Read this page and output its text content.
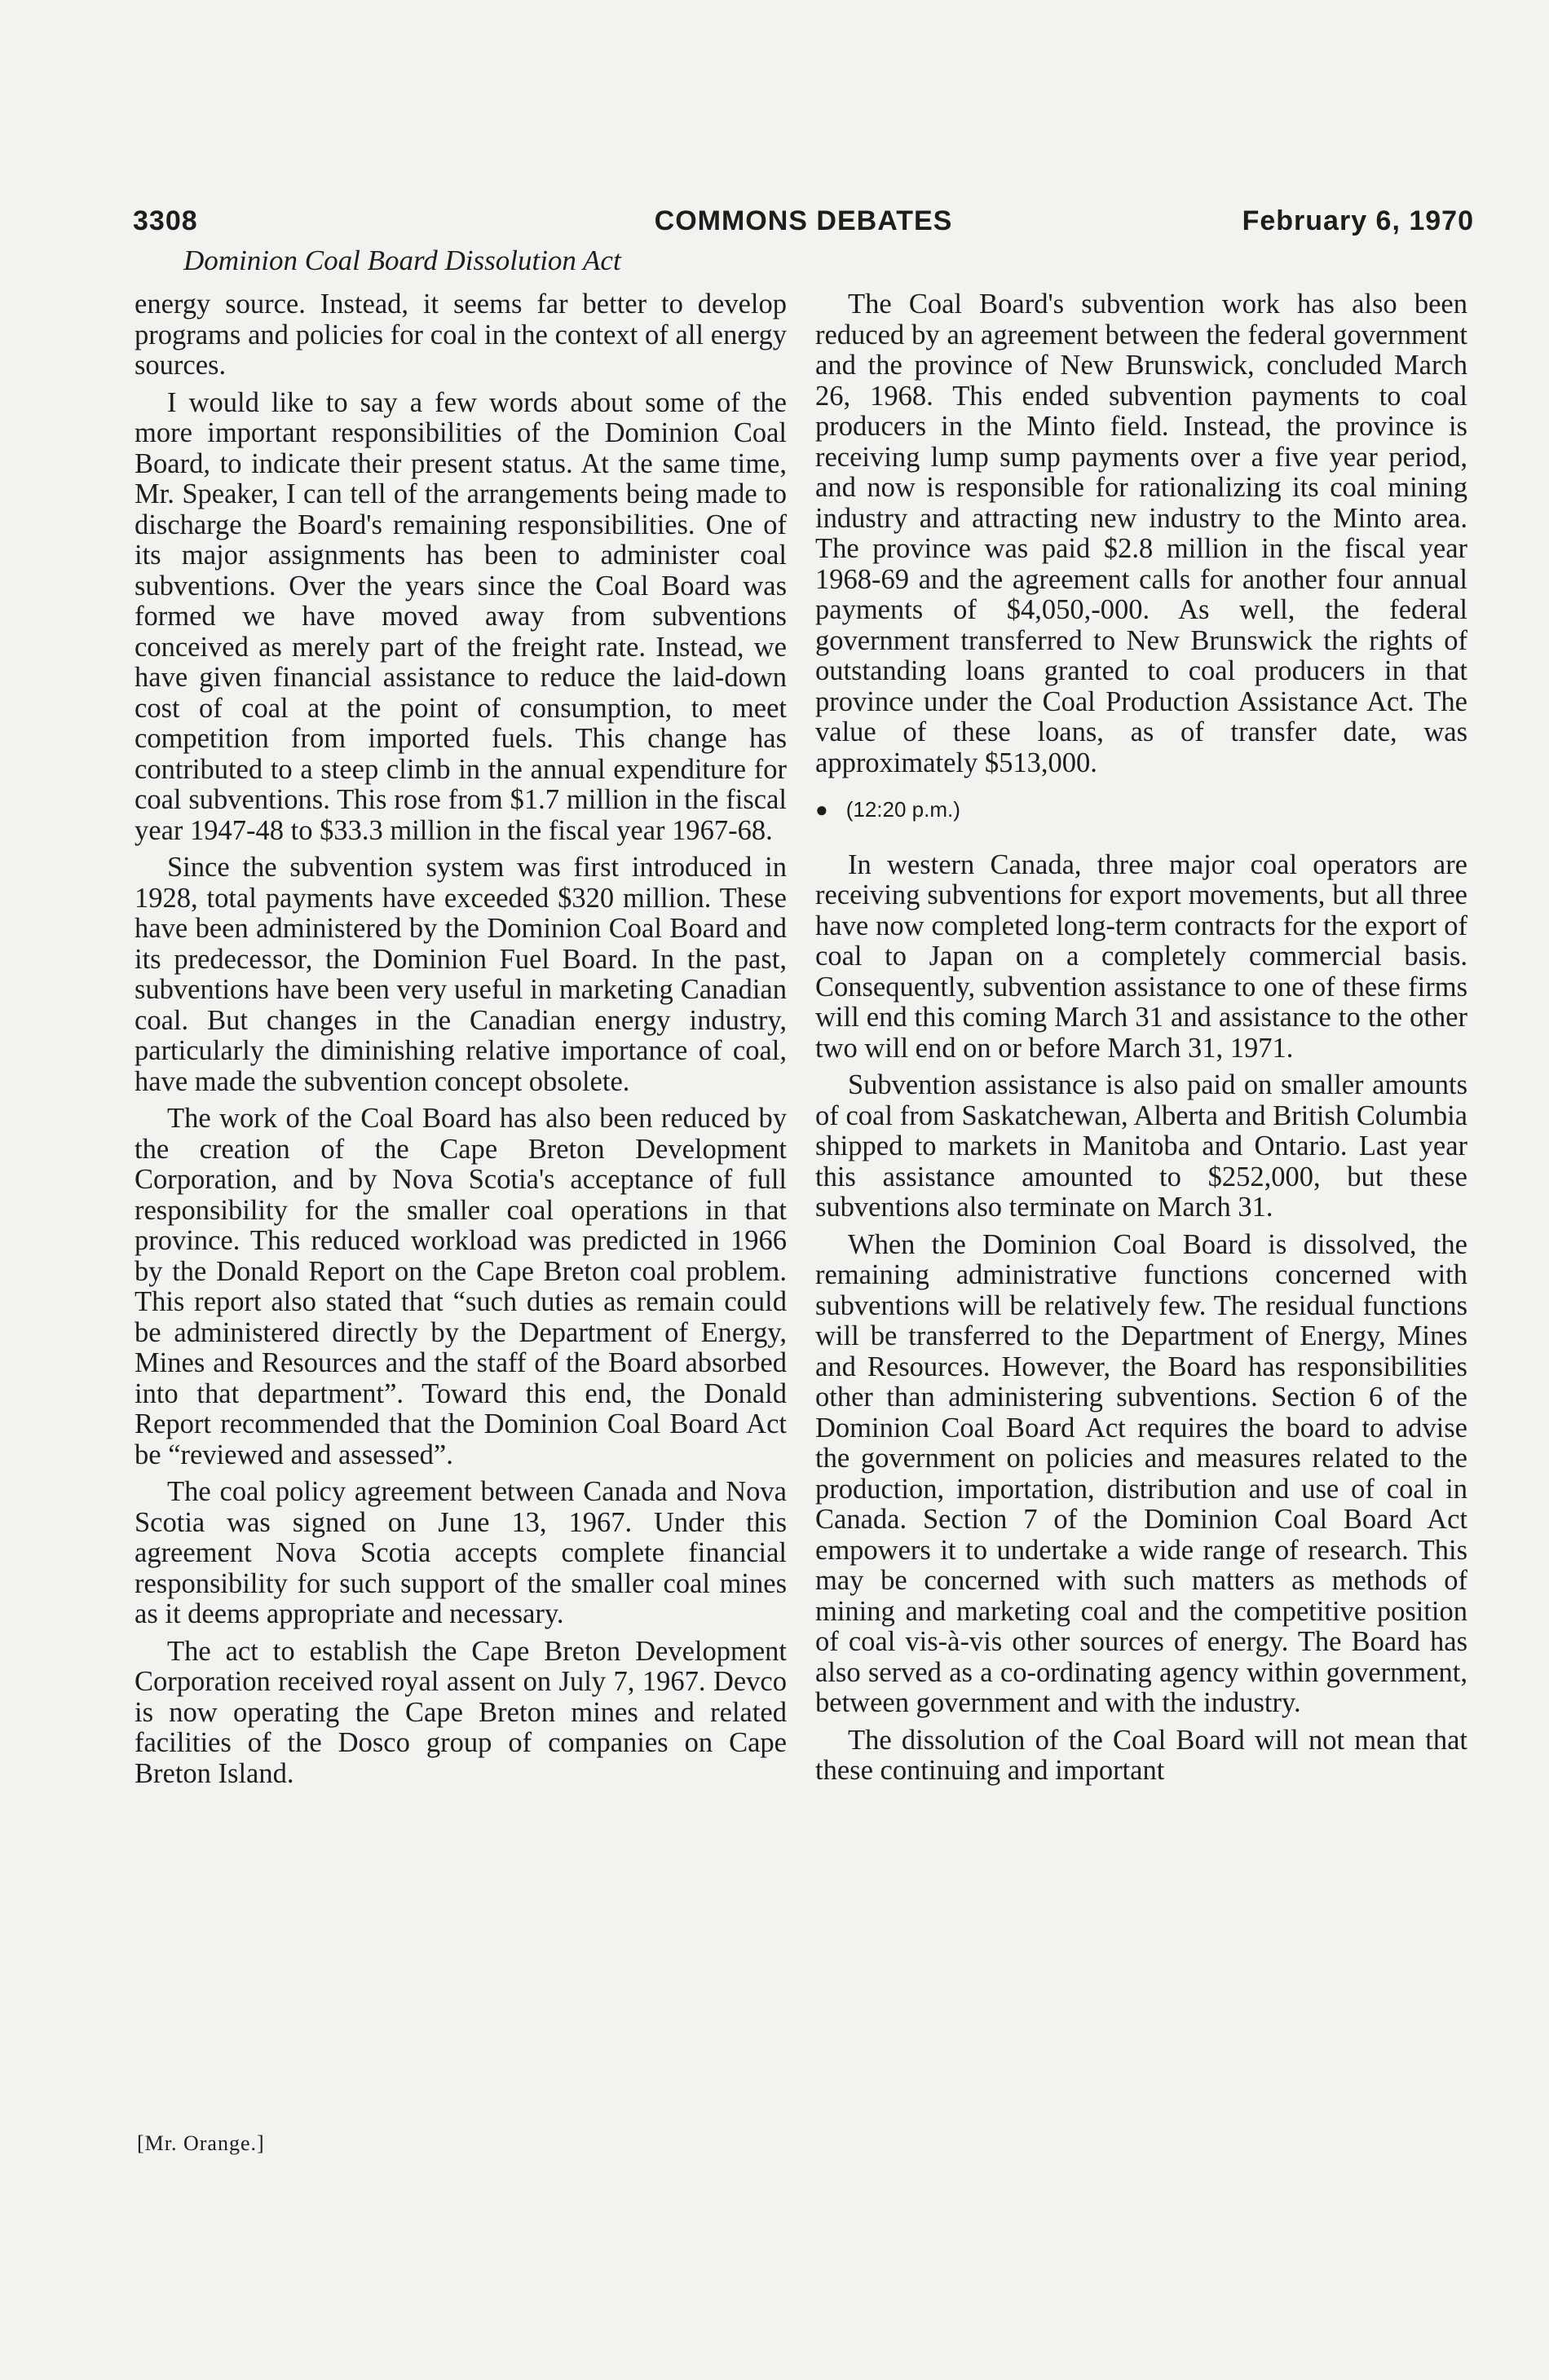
3308	COMMONS DEBATES	February 6, 1970
Dominion Coal Board Dissolution Act

energy source. Instead, it seems far better to develop programs and policies for coal in the context of all energy sources.

I would like to say a few words about some of the more important responsibilities of the Dominion Coal Board, to indicate their present status. At the same time, Mr. Speaker, I can tell of the arrangements being made to discharge the Board's remaining responsibilities. One of its major assignments has been to administer coal subventions. Over the years since the Coal Board was formed we have moved away from subventions conceived as merely part of the freight rate. Instead, we have given financial assistance to reduce the laid-down cost of coal at the point of consumption, to meet competition from imported fuels. This change has contributed to a steep climb in the annual expenditure for coal subventions. This rose from $1.7 million in the fiscal year 1947-48 to $33.3 million in the fiscal year 1967-68.

Since the subvention system was first introduced in 1928, total payments have exceeded $320 million. These have been administered by the Dominion Coal Board and its predecessor, the Dominion Fuel Board. In the past, subventions have been very useful in marketing Canadian coal. But changes in the Canadian energy industry, particularly the diminishing relative importance of coal, have made the subvention concept obsolete.

The work of the Coal Board has also been reduced by the creation of the Cape Breton Development Corporation, and by Nova Scotia's acceptance of full responsibility for the smaller coal operations in that province. This reduced workload was predicted in 1966 by the Donald Report on the Cape Breton coal problem. This report also stated that “such duties as remain could be administered directly by the Department of Energy, Mines and Resources and the staff of the Board absorbed into that department”. Toward this end, the Donald Report recommended that the Dominion Coal Board Act be “reviewed and assessed”.

The coal policy agreement between Canada and Nova Scotia was signed on June 13, 1967. Under this agreement Nova Scotia accepts complete financial responsibility for such support of the smaller coal mines as it deems appropriate and necessary.

The act to establish the Cape Breton Development Corporation received royal assent on July 7, 1967. Devco is now operating the Cape Breton mines and related facilities of the Dosco group of companies on Cape Breton Island.

[Mr. Orange.]

The Coal Board's subvention work has also been reduced by an agreement between the federal government and the province of New Brunswick, concluded March 26, 1968. This ended subvention payments to coal producers in the Minto field. Instead, the province is receiving lump sump payments over a five year period, and now is responsible for rationalizing its coal mining industry and attracting new industry to the Minto area. The province was paid $2.8 million in the fiscal year 1968-69 and the agreement calls for another four annual payments of $4,050,-000. As well, the federal government transferred to New Brunswick the rights of outstanding loans granted to coal producers in that province under the Coal Production Assistance Act. The value of these loans, as of transfer date, was approximately $513,000.

● (12:20 p.m.)

In western Canada, three major coal operators are receiving subventions for export movements, but all three have now completed long-term contracts for the export of coal to Japan on a completely commercial basis. Consequently, subvention assistance to one of these firms will end this coming March 31 and assistance to the other two will end on or before March 31, 1971.

Subvention assistance is also paid on smaller amounts of coal from Saskatchewan, Alberta and British Columbia shipped to markets in Manitoba and Ontario. Last year this assistance amounted to $252,000, but these subventions also terminate on March 31.

When the Dominion Coal Board is dissolved, the remaining administrative functions concerned with subventions will be relatively few. The residual functions will be transferred to the Department of Energy, Mines and Resources. However, the Board has responsibilities other than administering subventions. Section 6 of the Dominion Coal Board Act requires the board to advise the government on policies and measures related to the production, importation, distribution and use of coal in Canada. Section 7 of the Dominion Coal Board Act empowers it to undertake a wide range of research. This may be concerned with such matters as methods of mining and marketing coal and the competitive position of coal vis-à-vis other sources of energy. The Board has also served as a co-ordinating agency within government, between government and with the industry.

The dissolution of the Coal Board will not mean that these continuing and important
